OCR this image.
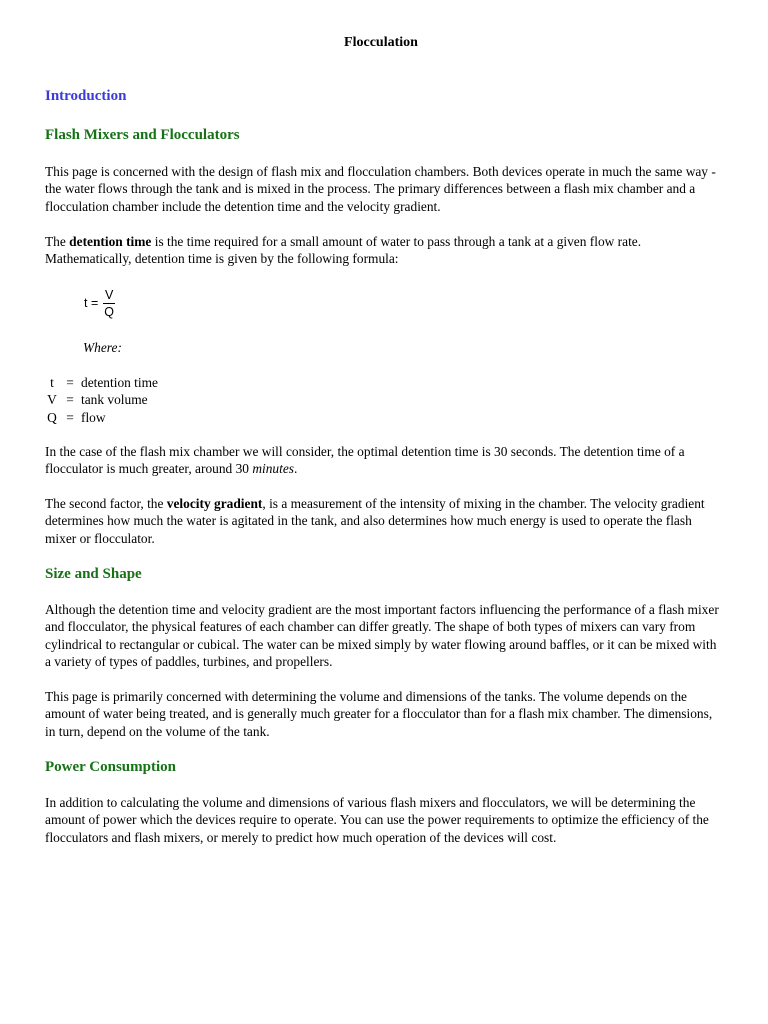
Flocculation
Introduction
Flash Mixers and Flocculators

This page is concerned with the design of flash mix and flocculation chambers. Both devices operate in much the same way - the water flows through the tank and is mixed in the process. The primary differences between a flash mix chamber and a flocculation chamber include the detention time and the velocity gradient.

The detention time is the time required for a small amount of water to pass through a tank at a given flow rate. Mathematically, detention time is given by the following formula:

$t = \frac{V}{Q}$

Where:

t = detention time
V = tank volume
Q = flow

In the case of the flash mix chamber we will consider, the optimal detention time is 30 seconds. The detention time of a flocculator is much greater, around 30 minutes.

The second factor, the velocity gradient, is a measurement of the intensity of mixing in the chamber. The velocity gradient determines how much the water is agitated in the tank, and also determines how much energy is used to operate the flash mixer or flocculator.

Size and Shape

Although the detention time and velocity gradient are the most important factors influencing the performance of a flash mixer and flocculator, the physical features of each chamber can differ greatly. The shape of both types of mixers can vary from cylindrical to rectangular or cubical. The water can be mixed simply by water flowing around baffles, or it can be mixed with a variety of types of paddles, turbines, and propellers.

This page is primarily concerned with determining the volume and dimensions of the tanks. The volume depends on the amount of water being treated, and is generally much greater for a flocculator than for a flash mix chamber. The dimensions, in turn, depend on the volume of the tank.

Power Consumption

In addition to calculating the volume and dimensions of various flash mixers and flocculators, we will be determining the amount of power which the devices require to operate. You can use the power requirements to optimize the efficiency of the flocculators and flash mixers, or merely to predict how much operation of the devices will cost.
